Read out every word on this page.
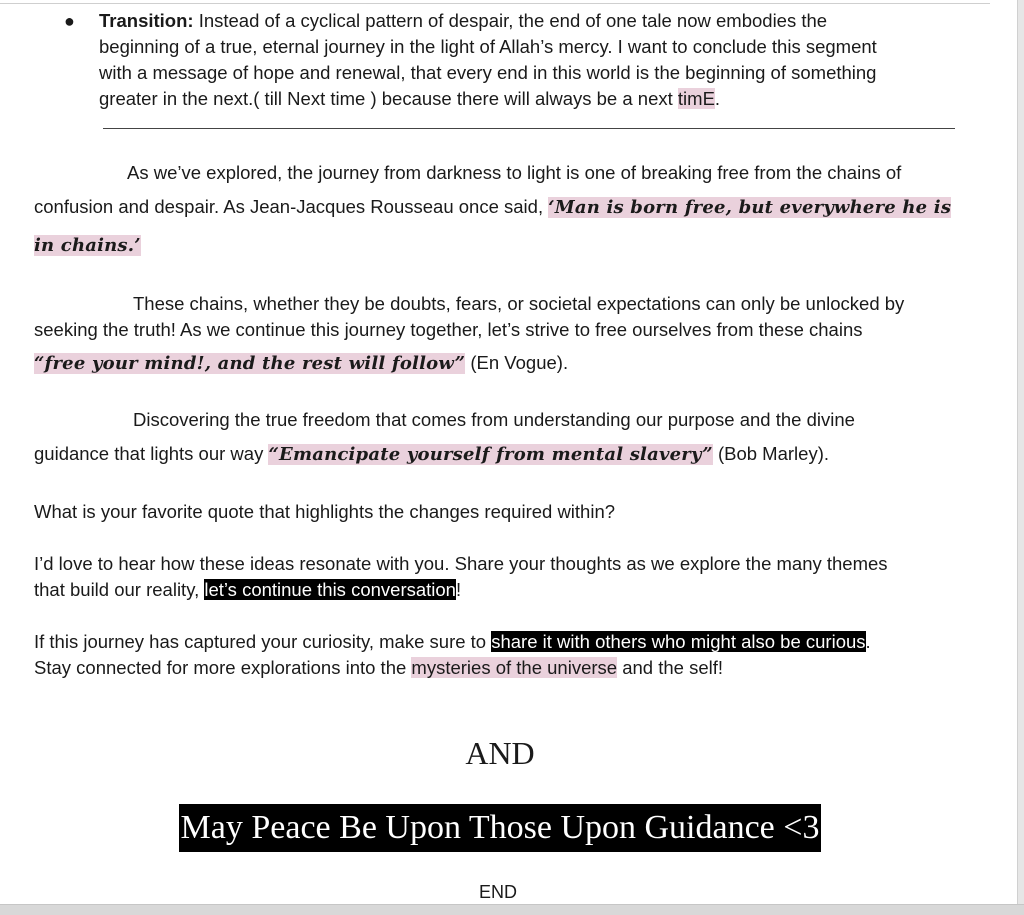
● Transition: Instead of a cyclical pattern of despair, the end of one tale now embodies the
beginning of a true, eternal journey in the light of Allah’s mercy. I want to conclude this segment
with a message of hope and renewal, that every end in this world is the beginning of something
greater in the next.( till Next time ) because there will always be a next timE.
As we’ve explored, the journey from darkness to light is one of breaking free from the chains of
confusion and despair. As Jean-Jacques Rousseau once said, ‘Man is born free, but everywhere he is
in chains.’
These chains, whether they be doubts, fears, or societal expectations can only be unlocked by
seeking the truth! As we continue this journey together, let’s strive to free ourselves from these chains
“free your mind!, and the rest will follow” (En Vogue).
Discovering the true freedom that comes from understanding our purpose and the divine
guidance that lights our way “Emancipate yourself from mental slavery” (Bob Marley).
What is your favorite quote that highlights the changes required within?
I’d love to hear how these ideas resonate with you. Share your thoughts as we explore the many themes
that build our reality, let’s continue this conversation!
If this journey has captured your curiosity, make sure to share it with others who might also be curious.
Stay connected for more explorations into the mysteries of the universe and the self!
AND
May Peace Be Upon Those Upon Guidance <3
END
